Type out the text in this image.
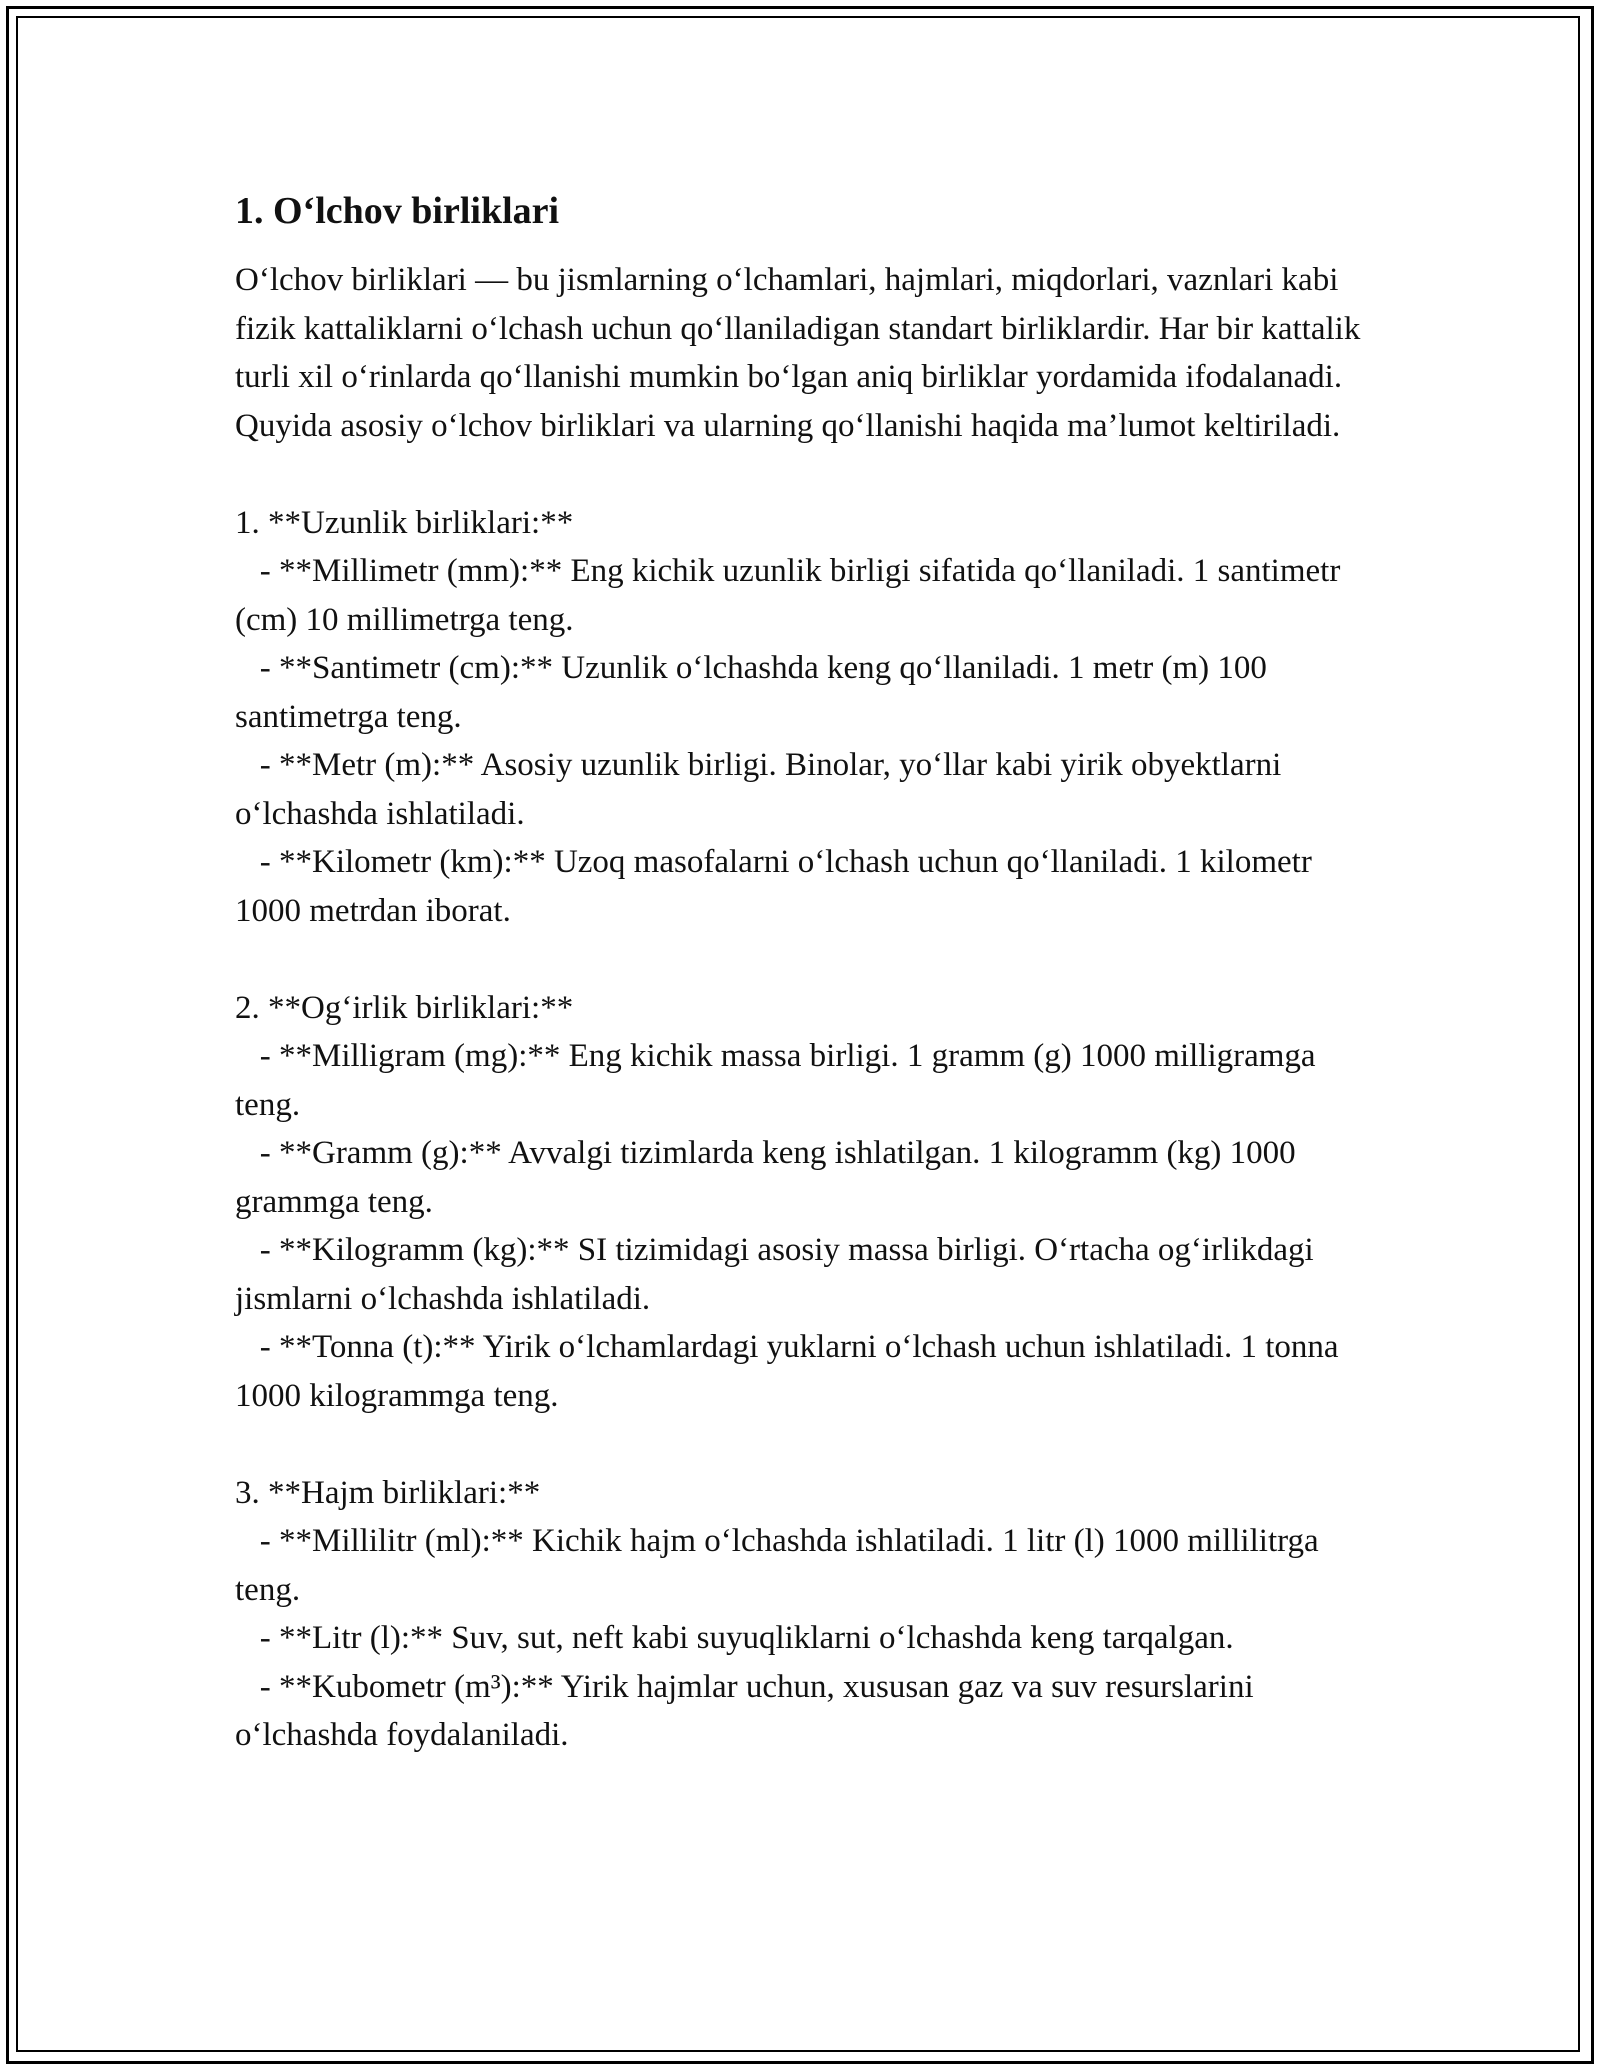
1. O‘lchov birliklari

O‘lchov birliklari — bu jismlarning o‘lchamlari, hajmlari, miqdorlari, vaznlari kabi fizik kattaliklarni o‘lchash uchun qo‘llaniladigan standart birliklardir. Har bir kattalik turli xil o‘rinlarda qo‘llanishi mumkin bo‘lgan aniq birliklar yordamida ifodalanadi. Quyida asosiy o‘lchov birliklari va ularning qo‘llanishi haqida ma’lumot keltiriladi.

1. **Uzunlik birliklari:**

- **Millimetr (mm):** Eng kichik uzunlik birligi sifatida qo‘llaniladi. 1 santimetr (cm) 10 millimetrga teng.

- **Santimetr (cm):** Uzunlik o‘lchashda keng qo‘llaniladi. 1 metr (m) 100 santimetrga teng.

- **Metr (m):** Asosiy uzunlik birligi. Binolar, yo‘llar kabi yirik obyektlarni o‘lchashda ishlatiladi.

- **Kilometr (km):** Uzoq masofalarni o‘lchash uchun qo‘llaniladi. 1 kilometr 1000 metrdan iborat.

2. **Og‘irlik birliklari:**

- **Milligram (mg):** Eng kichik massa birligi. 1 gramm (g) 1000 milligramga teng.

- **Gramm (g):** Avvalgi tizimlarda keng ishlatilgan. 1 kilogramm (kg) 1000 grammga teng.

- **Kilogramm (kg):** SI tizimidagi asosiy massa birligi. O‘rtacha og‘irlikdagi jismlarni o‘lchashda ishlatiladi.

- **Tonna (t):** Yirik o‘lchamlardagi yuklarni o‘lchash uchun ishlatiladi. 1 tonna 1000 kilogrammga teng.

3. **Hajm birliklari:**

- **Millilitr (ml):** Kichik hajm o‘lchashda ishlatiladi. 1 litr (l) 1000 millilitrga teng.

- **Litr (l):** Suv, sut, neft kabi suyuqliklarni o‘lchashda keng tarqalgan.

- **Kubometr (m³):** Yirik hajmlar uchun, xususan gaz va suv resurslarini o‘lchashda foydalaniladi.
